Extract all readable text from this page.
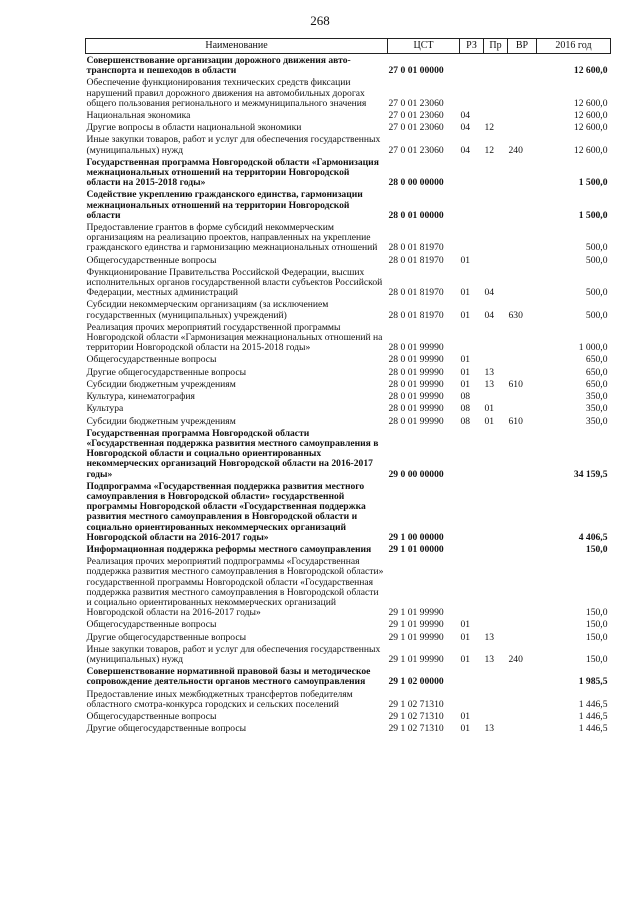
268
Наименование	ЦСТ	РЗ	Пр	ВР	2016 год
Совершенствование организации дорожного движения авто-транспорта и пешеходов в области	27 0 01 00000				12 600,0
Обеспечение функционирования технических средств фиксации нарушений правил дорожного движения на автомобильных дорогах общего пользования регионального и межмуниципального значения	27 0 01 23060				12 600,0
Национальная экономика	27 0 01 23060	04			12 600,0
Другие вопросы в области национальной экономики	27 0 01 23060	04	12		12 600,0
Иные закупки товаров, работ и услуг для обеспечения государственных (муниципальных) нужд	27 0 01 23060	04	12	240	12 600,0
Государственная программа Новгородской области «Гармонизация межнациональных отношений на территории Новгородской области на 2015-2018 годы»	28 0 00 00000				1 500,0
Содействие укреплению гражданского единства, гармонизации межнациональных отношений на территории Новгородской области	28 0 01 00000				1 500,0
Предоставление грантов в форме субсидий некоммерческим организациям на реализацию проектов, направленных на укрепление гражданского единства и гармонизацию межнациональных отношений	28 0 01 81970				500,0
Общегосударственные вопросы	28 0 01 81970	01			500,0
Функционирование Правительства Российской Федерации, высших исполнительных органов государственной власти субъектов Российской Федерации, местных администраций	28 0 01 81970	01	04		500,0
Субсидии некоммерческим организациям (за исключением государственных (муниципальных) учреждений)	28 0 01 81970	01	04	630	500,0
Реализация прочих мероприятий государственной программы Новгородской области «Гармонизация межнациональных отношений на территории Новгородской области на 2015-2018 годы»	28 0 01 99990				1 000,0
Общегосударственные вопросы	28 0 01 99990	01			650,0
Другие общегосударственные вопросы	28 0 01 99990	01	13		650,0
Субсидии бюджетным учреждениям	28 0 01 99990	01	13	610	650,0
Культура, кинематография	28 0 01 99990	08			350,0
Культура	28 0 01 99990	08	01		350,0
Субсидии бюджетным учреждениям	28 0 01 99990	08	01	610	350,0
Государственная программа Новгородской области «Государственная поддержка развития местного самоуправления в Новгородской области и социально ориентированных некоммерческих организаций Новгородской области на 2016-2017 годы»	29 0 00 00000				34 159,5
Подпрограмма «Государственная поддержка развития местного самоуправления в Новгородской области» государственной программы Новгородской области «Государственная поддержка развития местного самоуправления в Новгородской области и социально ориентированных некоммерческих организаций Новгородской области на 2016-2017 годы»	29 1 00 00000				4 406,5
Информационная поддержка реформы местного самоуправления	29 1 01 00000				150,0
Реализация прочих мероприятий подпрограммы «Государственная поддержка развития местного самоуправления в Новгородской области» государственной программы Новгородской области «Государственная поддержка развития местного самоуправления в Новгородской области и социально ориентированных некоммерческих организаций Новгородской области на 2016-2017 годы»	29 1 01 99990				150,0
Общегосударственные вопросы	29 1 01 99990	01			150,0
Другие общегосударственные вопросы	29 1 01 99990	01	13		150,0
Иные закупки товаров, работ и услуг для обеспечения государственных (муниципальных) нужд	29 1 01 99990	01	13	240	150,0
Совершенствование нормативной правовой базы и методическое сопровождение деятельности органов местного самоуправления	29 1 02 00000				1 985,5
Предоставление иных межбюджетных трансфертов победителям областного смотра-конкурса городских и сельских поселений	29 1 02 71310				1 446,5
Общегосударственные вопросы	29 1 02 71310	01			1 446,5
Другие общегосударственные вопросы	29 1 02 71310	01	13		1 446,5
